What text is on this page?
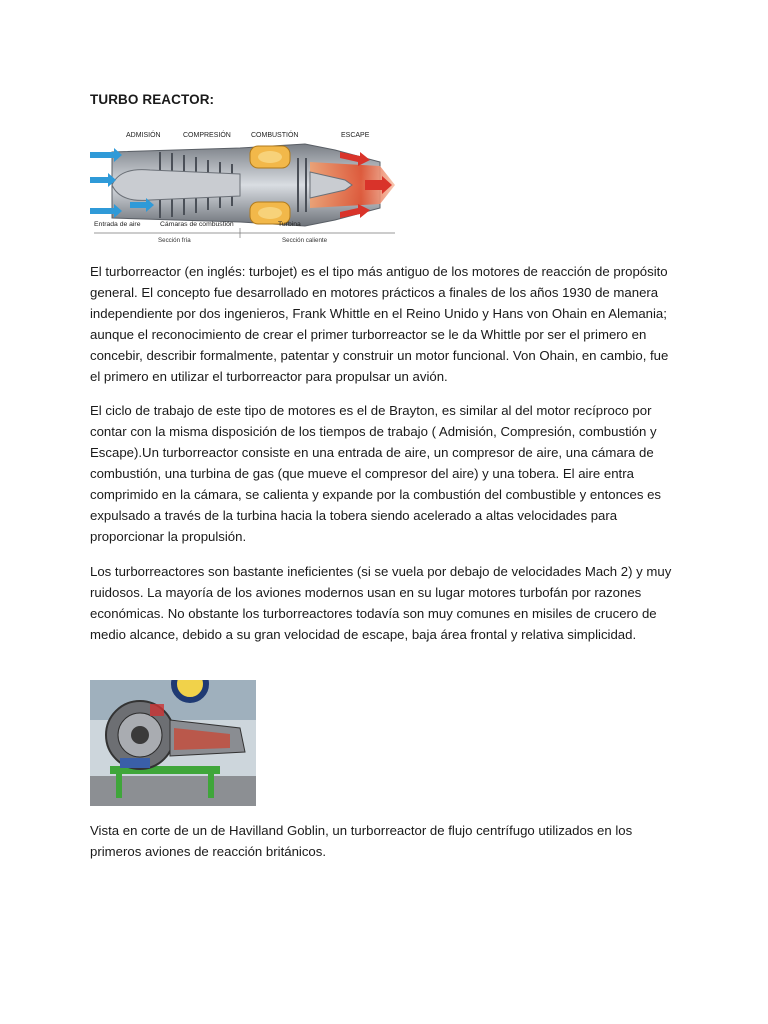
TURBO REACTOR:
ADMISIÓN	COMPRESIÓN	COMBUSTIÓN	ESCAPE
Entrada de aire	Cámaras de combustión	Turbina
Sección fría	Sección caliente

El turborreactor (en inglés: turbojet) es el tipo más antiguo de los motores de reacción de propósito general. El concepto fue desarrollado en motores prácticos a finales de los años 1930 de manera independiente por dos ingenieros, Frank Whittle en el Reino Unido y Hans von Ohain en Alemania; aunque el reconocimiento de crear el primer turborreactor se le da Whittle por ser el primero en concebir, describir formalmente, patentar y construir un motor funcional. Von Ohain, en cambio, fue el primero en utilizar el turborreactor para propulsar un avión.

El ciclo de trabajo de este tipo de motores es el de Brayton, es similar al del motor recíproco por contar con la misma disposición de los tiempos de trabajo ( Admisión, Compresión, combustión y Escape).Un turborreactor consiste en una entrada de aire, un compresor de aire, una cámara de combustión, una turbina de gas (que mueve el compresor del aire) y una tobera. El aire entra comprimido en la cámara, se calienta y expande por la combustión del combustible y entonces es expulsado a través de la turbina hacia la tobera siendo acelerado a altas velocidades para proporcionar la propulsión.

Los turborreactores son bastante ineficientes (si se vuela por debajo de velocidades Mach 2) y muy ruidosos. La mayoría de los aviones modernos usan en su lugar motores turbofán por razones económicas. No obstante los turborreactores todavía son muy comunes en misiles de crucero de medio alcance, debido a su gran velocidad de escape, baja área frontal y relativa simplicidad.

Vista en corte de un de Havilland Goblin, un turborreactor de flujo centrífugo utilizados en los primeros aviones de reacción británicos.
